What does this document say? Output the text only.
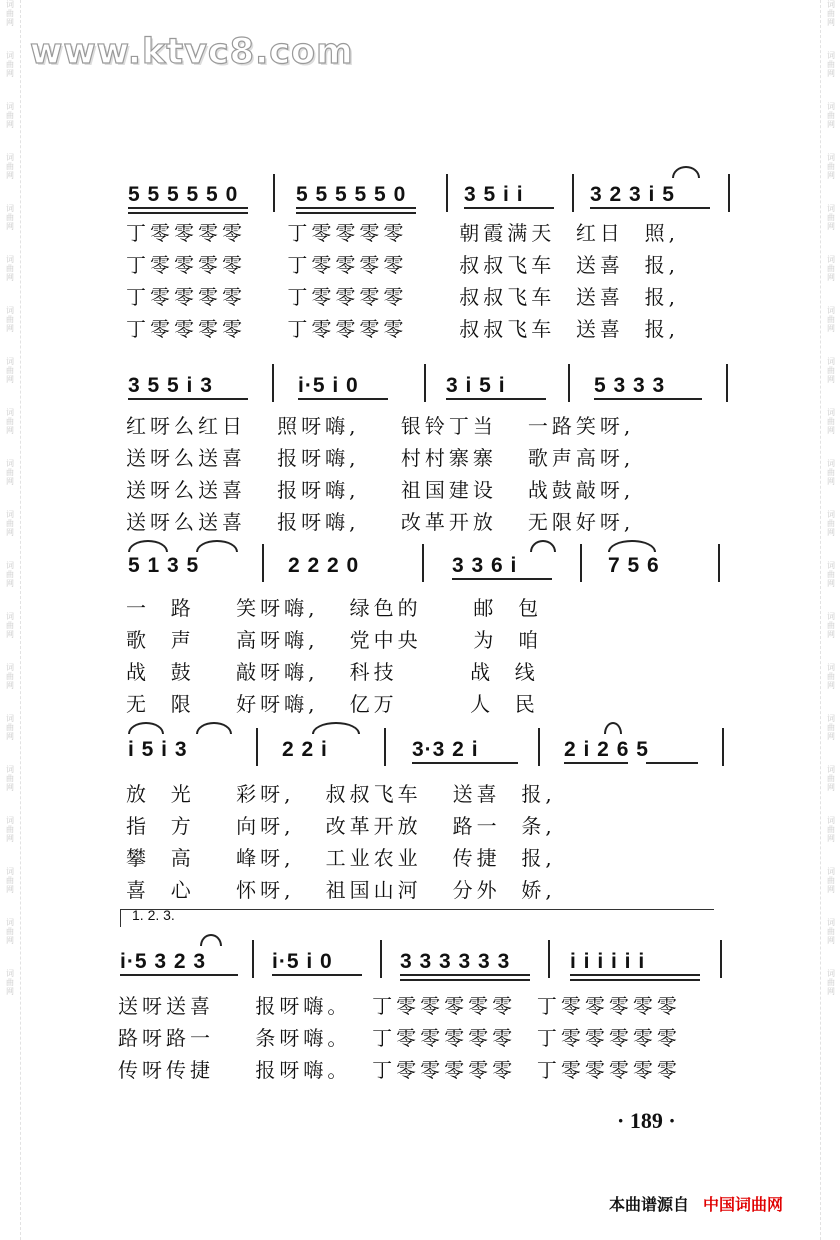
词
曲
网
词
曲
网
词
曲
网
词
曲
网
词
曲
网
词
曲
网
词
曲
网
词
曲
网
词
曲
网
词
曲
网
词
曲
网
词
曲
网
词
曲
网
词
曲
网
词
曲
网
词
曲
网
词
曲
网
词
曲
网
词
曲
网
词
曲
网
词
曲
网
词
曲
网
词
曲
网
词
曲
网
词
曲
网
词
曲
网
词
曲
网
词
曲
网
词
曲
网
词
曲
网
词
曲
网
词
曲
网
词
曲
网
词
曲
网
词
曲
网
词
曲
网
词
曲
网
词
曲
网
词
曲
网
词
曲
网
www.ktvc8.com
5 5 5 5 5 0	5 5 5 5 5 0	3 5 i i	3 2 3 i 5
丁零零零零    丁零零零零     朝霞满天  红日  照,
丁零零零零    丁零零零零     叔叔飞车  送喜  报,
丁零零零零    丁零零零零     叔叔飞车  送喜  报,
丁零零零零    丁零零零零     叔叔飞车  送喜  报,
3 5 5 i 3	i·5 i 0	3 i 5 i	5 3 3 3
红呀么红日   照呀嗨,    银铃丁当   一路笑呀,
送呀么送喜   报呀嗨,    村村寨寨   歌声高呀,
送呀么送喜   报呀嗨,    祖国建设   战鼓敲呀,
送呀么送喜   报呀嗨,    改革开放   无限好呀,
5 1 3 5	2 2 2 0	3 3 6 i	7 5 6
一  路    笑呀嗨,   绿色的     邮  包
歌  声    高呀嗨,   党中央     为  咱
战  鼓    敲呀嗨,   科技       战  线
无  限    好呀嗨,   亿万       人  民
i 5 i 3	2 2 i	3·3 2 i	2 i 2 6 5
放  光    彩呀,   叔叔飞车   送喜  报,
指  方    向呀,   改革开放   路一  条,
攀  高    峰呀,   工业农业   传捷  报,
喜  心    怀呀,   祖国山河   分外  娇,
1. 2. 3.
i·5 3 2 3	i·5 i 0	3 3 3 3 3 3	i i i i i i
送呀送喜    报呀嗨。  丁零零零零零  丁零零零零零
路呀路一    条呀嗨。  丁零零零零零  丁零零零零零
传呀传捷    报呀嗨。  丁零零零零零  丁零零零零零
· 189 ·
本曲谱源自 中国词曲网
